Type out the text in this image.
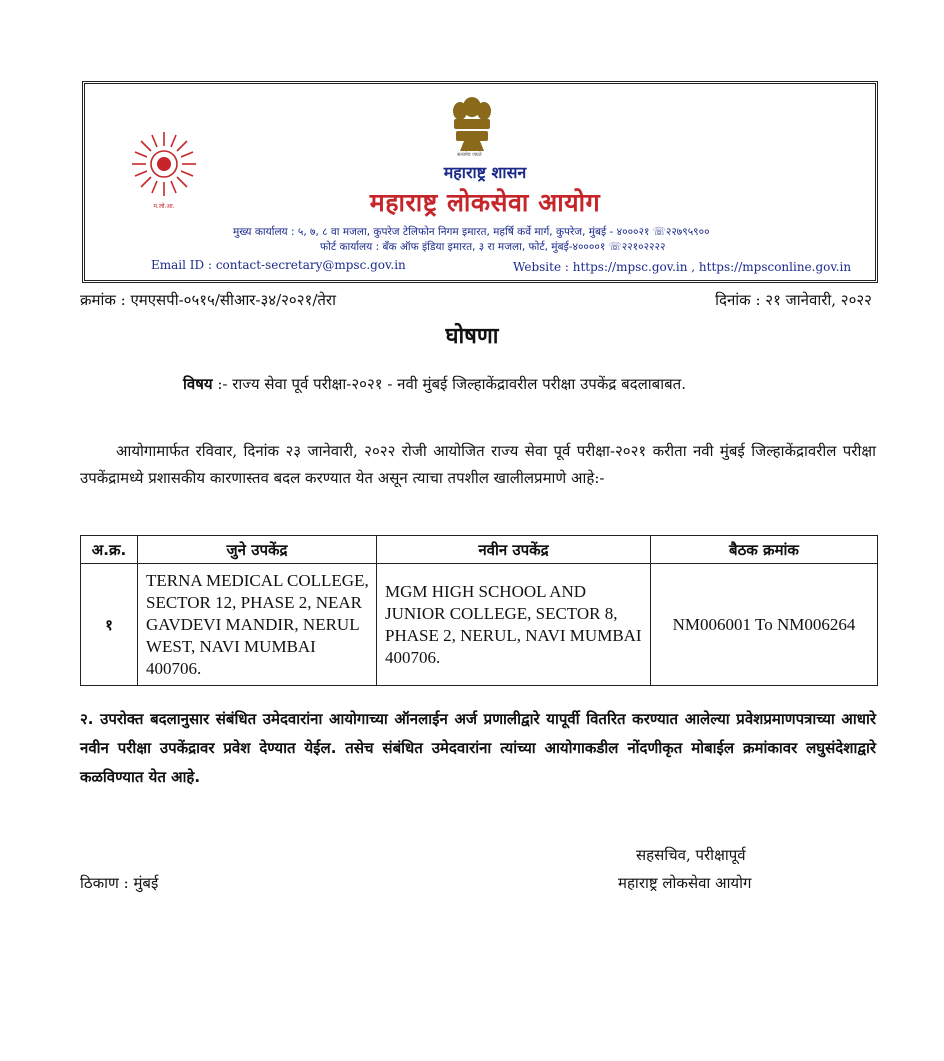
म.लो.आ.
सत्यमेव जयते
महाराष्ट्र शासन
महाराष्ट्र लोकसेवा आयोग
मुख्य कार्यालय : ५, ७, ८ वा मजला, कुपरेज टेलिफोन निगम इमारत, महर्षि कर्वे मार्ग, कुपरेज, मुंबई - ४०००२१ ☏२२७९५९००
फोर्ट कार्यालय : बँक ऑफ इंडिया इमारत, ३ रा मजला, फोर्ट, मुंबई-४००००१ ☏२२१०२२२२
Email ID : contact-secretary@mpsc.gov.in	Website : https://mpsc.gov.in , https://mpsconline.gov.in
क्रमांक : एमएसपी-०५१५/सीआर-३४/२०२१/तेरा	दिनांक : २१ जानेवारी, २०२२
घोषणा
विषय :- राज्य सेवा पूर्व परीक्षा-२०२१ - नवी मुंबई जिल्हाकेंद्रावरील परीक्षा उपकेंद्र बदलाबाबत.
आयोगामार्फत रविवार, दिनांक २३ जानेवारी, २०२२ रोजी आयोजित राज्य सेवा पूर्व परीक्षा-२०२१ करीता नवी मुंबई जिल्हाकेंद्रावरील परीक्षा उपकेंद्रामध्ये प्रशासकीय कारणास्तव बदल करण्यात येत असून त्याचा तपशील खालीलप्रमाणे आहे:-
अ.क्र.	जुने उपकेंद्र	नवीन उपकेंद्र	बैठक क्रमांक
१	TERNA MEDICAL COLLEGE, SECTOR 12, PHASE 2, NEAR GAVDEVI MANDIR, NERUL WEST, NAVI MUMBAI 400706.	MGM HIGH SCHOOL AND JUNIOR COLLEGE, SECTOR 8, PHASE 2, NERUL, NAVI MUMBAI 400706.	NM006001 To NM006264
२. उपरोक्त बदलानुसार संबंधित उमेदवारांना आयोगाच्या ऑनलाईन अर्ज प्रणालीद्वारे यापूर्वी वितरित करण्यात आलेल्या प्रवेशप्रमाणपत्राच्या आधारे नवीन परीक्षा उपकेंद्रावर प्रवेश देण्यात येईल. तसेच संबंधित उमेदवारांना त्यांच्या आयोगाकडील नोंदणीकृत मोबाईल क्रमांकावर लघुसंदेशाद्वारे कळविण्यात येत आहे.
सहसचिव, परीक्षापूर्व
महाराष्ट्र लोकसेवा आयोग
ठिकाण : मुंबई
